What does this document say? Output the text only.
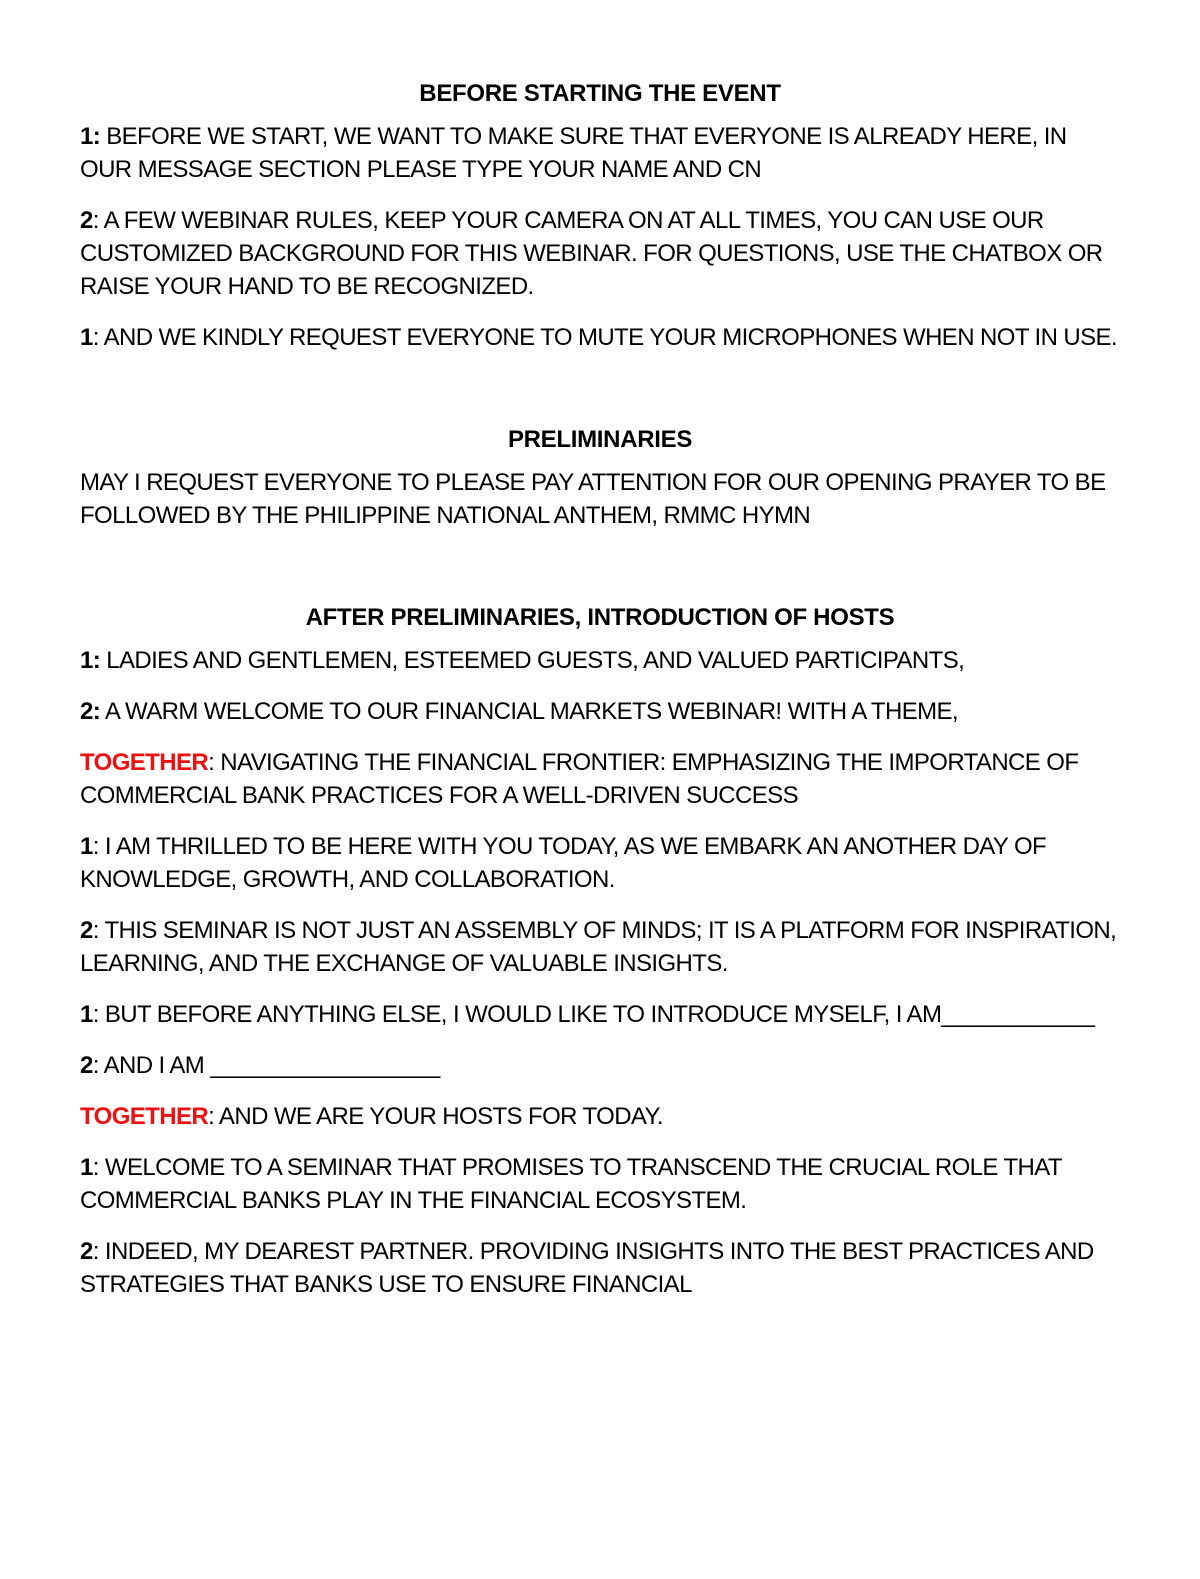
BEFORE STARTING THE EVENT

1: BEFORE WE START, WE WANT TO MAKE SURE THAT EVERYONE IS ALREADY HERE, IN OUR MESSAGE SECTION PLEASE TYPE YOUR NAME AND CN

2: A FEW WEBINAR RULES, KEEP YOUR CAMERA ON AT ALL TIMES, YOU CAN USE OUR CUSTOMIZED BACKGROUND FOR THIS WEBINAR. FOR QUESTIONS, USE THE CHATBOX OR RAISE YOUR HAND TO BE RECOGNIZED.

1: AND WE KINDLY REQUEST EVERYONE TO MUTE YOUR MICROPHONES WHEN NOT IN USE.

PRELIMINARIES

MAY I REQUEST EVERYONE TO PLEASE PAY ATTENTION FOR OUR OPENING PRAYER TO BE FOLLOWED BY THE PHILIPPINE NATIONAL ANTHEM, RMMC HYMN

AFTER PRELIMINARIES, INTRODUCTION OF HOSTS

1: LADIES AND GENTLEMEN, ESTEEMED GUESTS, AND VALUED PARTICIPANTS,

2: A WARM WELCOME TO OUR FINANCIAL MARKETS WEBINAR! WITH A THEME,

TOGETHER: NAVIGATING THE FINANCIAL FRONTIER: EMPHASIZING THE IMPORTANCE OF COMMERCIAL BANK PRACTICES FOR A WELL-DRIVEN SUCCESS

1: I AM THRILLED TO BE HERE WITH YOU TODAY, AS WE EMBARK AN ANOTHER DAY OF KNOWLEDGE, GROWTH, AND COLLABORATION.

2: THIS SEMINAR IS NOT JUST AN ASSEMBLY OF MINDS; IT IS A PLATFORM FOR INSPIRATION, LEARNING, AND THE EXCHANGE OF VALUABLE INSIGHTS.

1: BUT BEFORE ANYTHING ELSE, I WOULD LIKE TO INTRODUCE MYSELF, I AM____________

2: AND I AM __________________

TOGETHER: AND WE ARE YOUR HOSTS FOR TODAY.

1: WELCOME TO A SEMINAR THAT PROMISES TO TRANSCEND THE CRUCIAL ROLE THAT COMMERCIAL BANKS PLAY IN THE FINANCIAL ECOSYSTEM.

2: INDEED, MY DEAREST PARTNER. PROVIDING INSIGHTS INTO THE BEST PRACTICES AND STRATEGIES THAT BANKS USE TO ENSURE FINANCIAL
